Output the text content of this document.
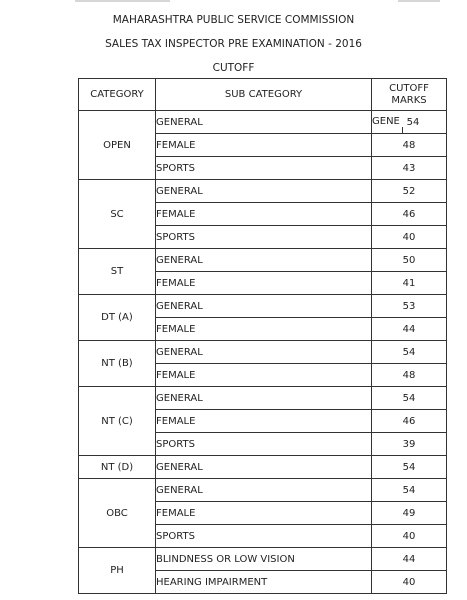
MAHARASHTRA PUBLIC SERVICE COMMISSION
SALES TAX INSPECTOR PRE EXAMINATION - 2016
CUTOFF
CATEGORY	SUB CATEGORY	CUTOFF MARKS
OPEN	GENERAL	GENE 54
	FEMALE	48
	SPORTS	43
SC	GENERAL	52
	FEMALE	46
	SPORTS	40
ST	GENERAL	50
	FEMALE	41
DT (A)	GENERAL	53
	FEMALE	44
NT (B)	GENERAL	54
	FEMALE	48
NT (C)	GENERAL	54
	FEMALE	46
	SPORTS	39
NT (D)	GENERAL	54
OBC	GENERAL	54
	FEMALE	49
	SPORTS	40
PH	BLINDNESS OR LOW VISION	44
	HEARING IMPAIRMENT	40
